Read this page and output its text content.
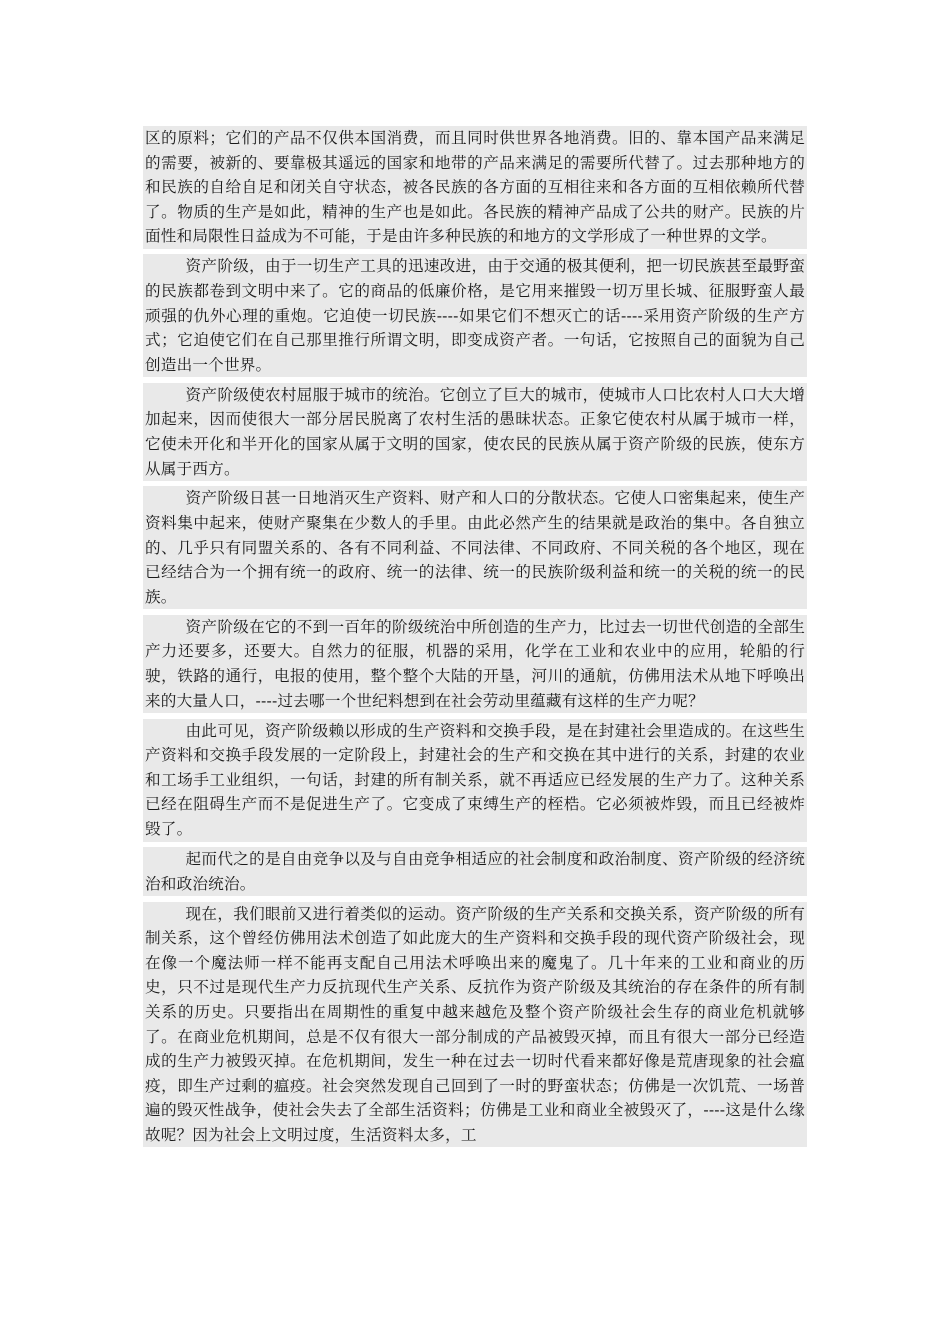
区的原料；它们的产品不仅供本国消费，而且同时供世界各地消费。旧的、靠本国产品来满足的需要，被新的、要靠极其遥远的国家和地带的产品来满足的需要所代替了。过去那种地方的和民族的自给自足和闭关自守状态，被各民族的各方面的互相往来和各方面的互相依赖所代替了。物质的生产是如此，精神的生产也是如此。各民族的精神产品成了公共的财产。民族的片面性和局限性日益成为不可能，于是由许多种民族的和地方的文学形成了一种世界的文学。

资产阶级，由于一切生产工具的迅速改进，由于交通的极其便利，把一切民族甚至最野蛮的民族都卷到文明中来了。它的商品的低廉价格，是它用来摧毁一切万里长城、征服野蛮人最顽强的仇外心理的重炮。它迫使一切民族----如果它们不想灭亡的话----采用资产阶级的生产方式；它迫使它们在自己那里推行所谓文明，即变成资产者。一句话，它按照自己的面貌为自己创造出一个世界。

资产阶级使农村屈服于城市的统治。它创立了巨大的城市，使城市人口比农村人口大大增加起来，因而使很大一部分居民脱离了农村生活的愚昧状态。正象它使农村从属于城市一样，它使未开化和半开化的国家从属于文明的国家，使农民的民族从属于资产阶级的民族，使东方从属于西方。

资产阶级日甚一日地消灭生产资料、财产和人口的分散状态。它使人口密集起来，使生产资料集中起来，使财产聚集在少数人的手里。由此必然产生的结果就是政治的集中。各自独立的、几乎只有同盟关系的、各有不同利益、不同法律、不同政府、不同关税的各个地区，现在已经结合为一个拥有统一的政府、统一的法律、统一的民族阶级利益和统一的关税的统一的民族。

资产阶级在它的不到一百年的阶级统治中所创造的生产力，比过去一切世代创造的全部生产力还要多，还要大。自然力的征服，机器的采用，化学在工业和农业中的应用，轮船的行驶，铁路的通行，电报的使用，整个整个大陆的开垦，河川的通航，仿佛用法术从地下呼唤出来的大量人口，----过去哪一个世纪料想到在社会劳动里蕴藏有这样的生产力呢？

由此可见，资产阶级赖以形成的生产资料和交换手段，是在封建社会里造成的。在这些生产资料和交换手段发展的一定阶段上，封建社会的生产和交换在其中进行的关系，封建的农业和工场手工业组织，一句话，封建的所有制关系，就不再适应已经发展的生产力了。这种关系已经在阻碍生产而不是促进生产了。它变成了束缚生产的桎梏。它必须被炸毁，而且已经被炸毁了。

起而代之的是自由竞争以及与自由竞争相适应的社会制度和政治制度、资产阶级的经济统治和政治统治。

现在，我们眼前又进行着类似的运动。资产阶级的生产关系和交换关系，资产阶级的所有制关系，这个曾经仿佛用法术创造了如此庞大的生产资料和交换手段的现代资产阶级社会，现在像一个魔法师一样不能再支配自己用法术呼唤出来的魔鬼了。几十年来的工业和商业的历史，只不过是现代生产力反抗现代生产关系、反抗作为资产阶级及其统治的存在条件的所有制关系的历史。只要指出在周期性的重复中越来越危及整个资产阶级社会生存的商业危机就够了。在商业危机期间，总是不仅有很大一部分制成的产品被毁灭掉，而且有很大一部分已经造成的生产力被毁灭掉。在危机期间，发生一种在过去一切时代看来都好像是荒唐现象的社会瘟疫，即生产过剩的瘟疫。社会突然发现自己回到了一时的野蛮状态；仿佛是一次饥荒、一场普遍的毁灭性战争，使社会失去了全部生活资料；仿佛是工业和商业全被毁灭了，----这是什么缘故呢？因为社会上文明过度，生活资料太多，工
